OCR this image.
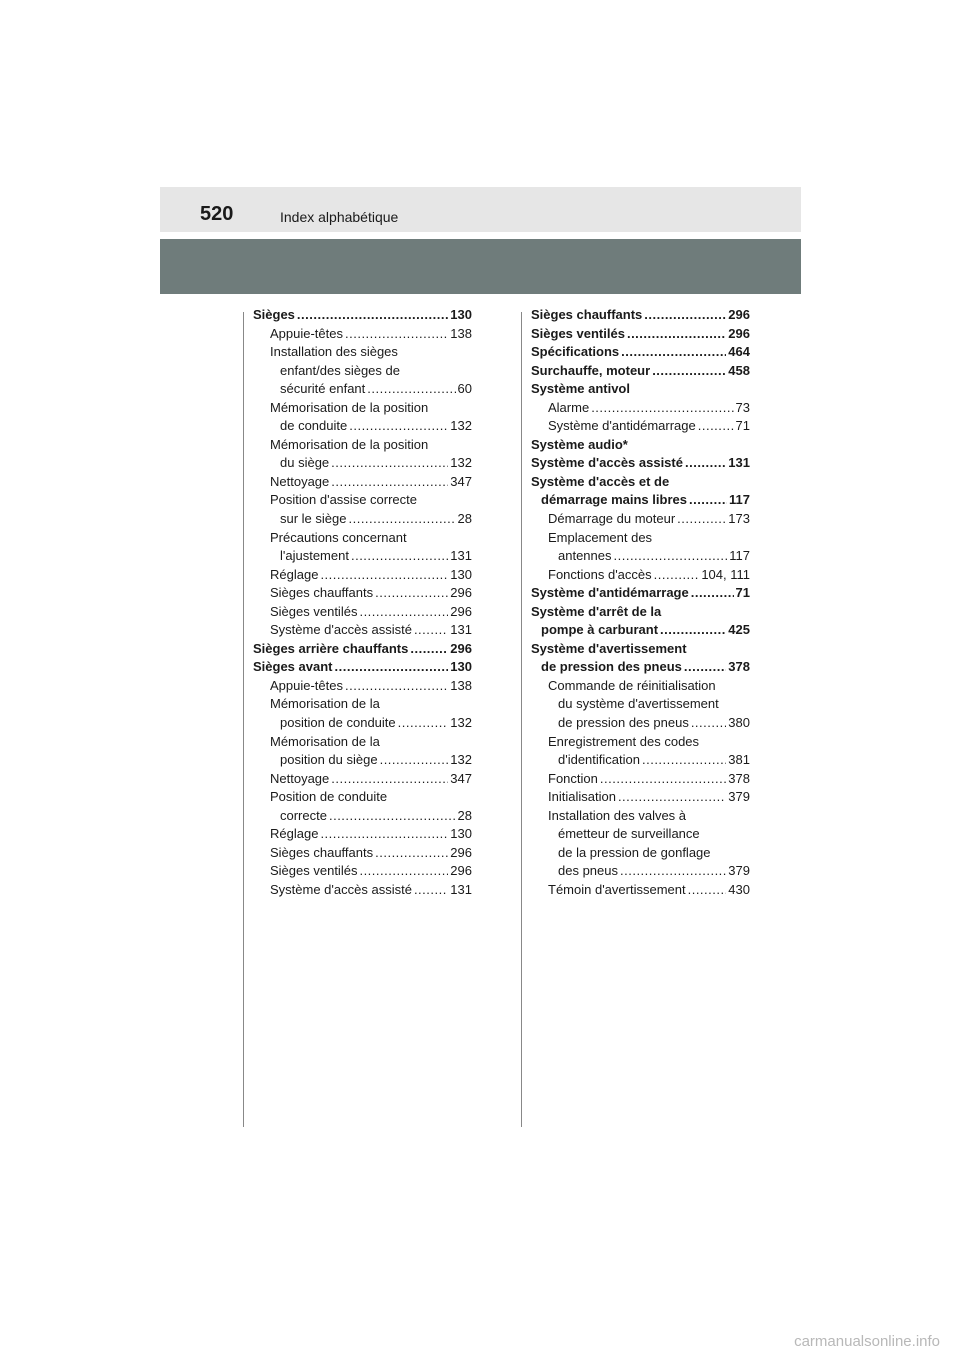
520	Index alphabétique
Sièges .....	130
Appuie-têtes .....	138
Installation des sièges
enfant/des sièges de
sécurité enfant .....	60
Mémorisation de la position
de conduite .....	132
Mémorisation de la position
du siège .....	132
Nettoyage .....	347
Position d'assise correcte
sur le siège .....	28
Précautions concernant
l'ajustement .....	131
Réglage .....	130
Sièges chauffants .....	296
Sièges ventilés .....	296
Système d'accès assisté .....	131
Sièges arrière chauffants .....	296
Sièges avant .....	130
Appuie-têtes .....	138
Mémorisation de la
position de conduite .....	132
Mémorisation de la
position du siège .....	132
Nettoyage .....	347
Position de conduite
correcte .....	28
Réglage .....	130
Sièges chauffants .....	296
Sièges ventilés .....	296
Système d'accès assisté .....	131
Sièges chauffants .....	296
Sièges ventilés .....	296
Spécifications .....	464
Surchauffe, moteur .....	458
Système antivol
Alarme .....	73
Système d'antidémarrage .....	71
Système audio*
Système d'accès assisté .....	131
Système d'accès et de
démarrage mains libres .....	117
Démarrage du moteur .....	173
Emplacement des
antennes .....	117
Fonctions d'accès .....	104, 111
Système d'antidémarrage .....	71
Système d'arrêt de la
pompe à carburant .....	425
Système d'avertissement
de pression des pneus .....	378
Commande de réinitialisation
du système d'avertissement
de pression des pneus .....	380
Enregistrement des codes
d'identification .....	381
Fonction .....	378
Initialisation .....	379
Installation des valves à
émetteur de surveillance
de la pression de gonflage
des pneus .....	379
Témoin d'avertissement .....	430
carmanualsonline.info
